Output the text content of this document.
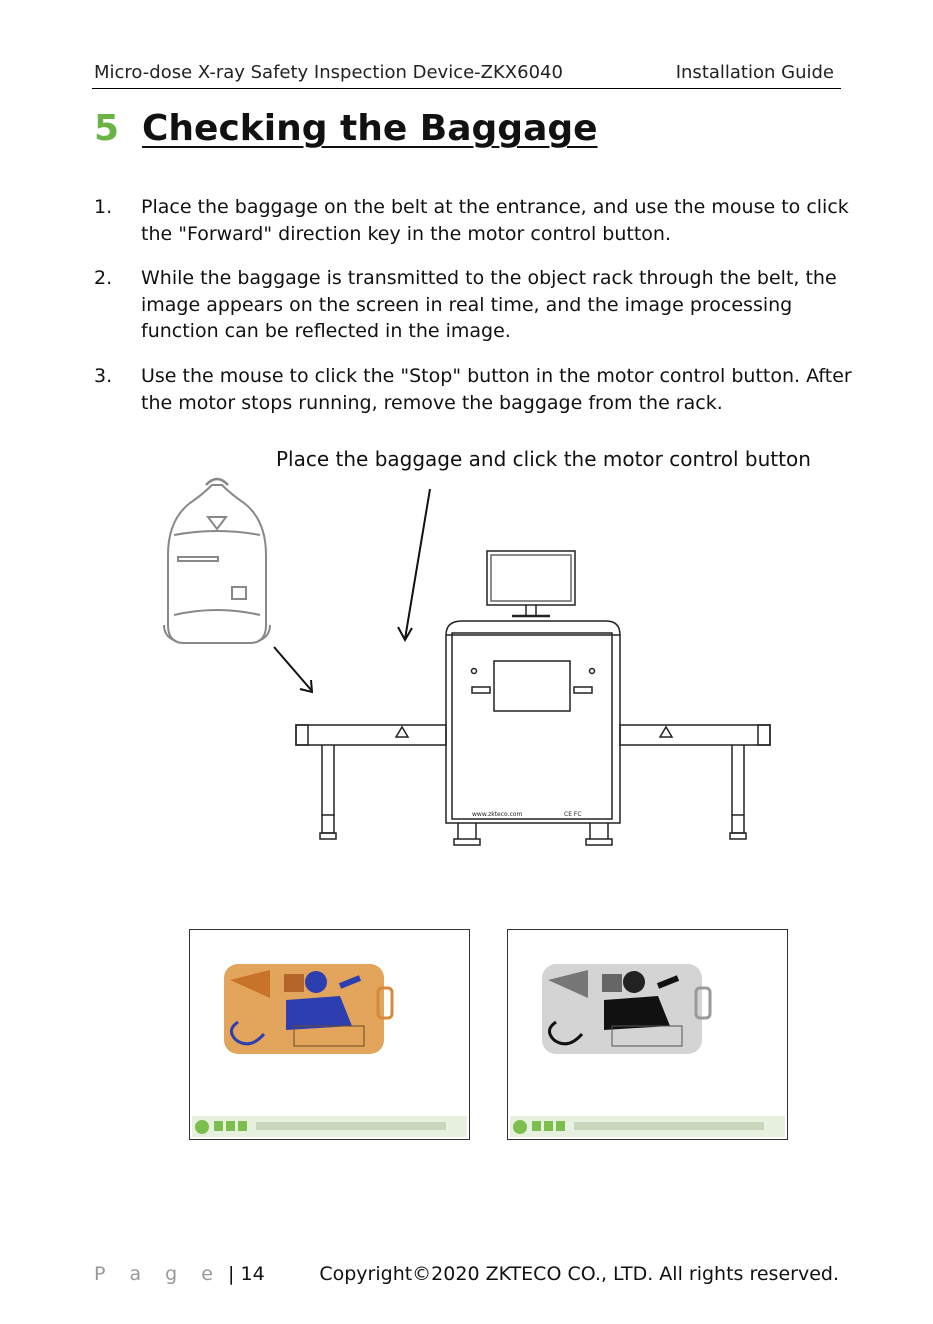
Micro-dose X-ray Safety Inspection Device-ZKX6040	Installation Guide
5 Checking the Baggage
1. Place the baggage on the belt at the entrance, and use the mouse to click the "Forward" direction key in the motor control button.
2. While the baggage is transmitted to the object rack through the belt, the image appears on the screen in real time, and the image processing function can be reflected in the image.
3. Use the mouse to click the "Stop" button in the motor control button. After the motor stops running, remove the baggage from the rack.
Place the baggage and click the motor control button
www.zkteco.com	CE FC
P a g e | 14	Copyright©2020 ZKTECO CO., LTD. All rights reserved.
